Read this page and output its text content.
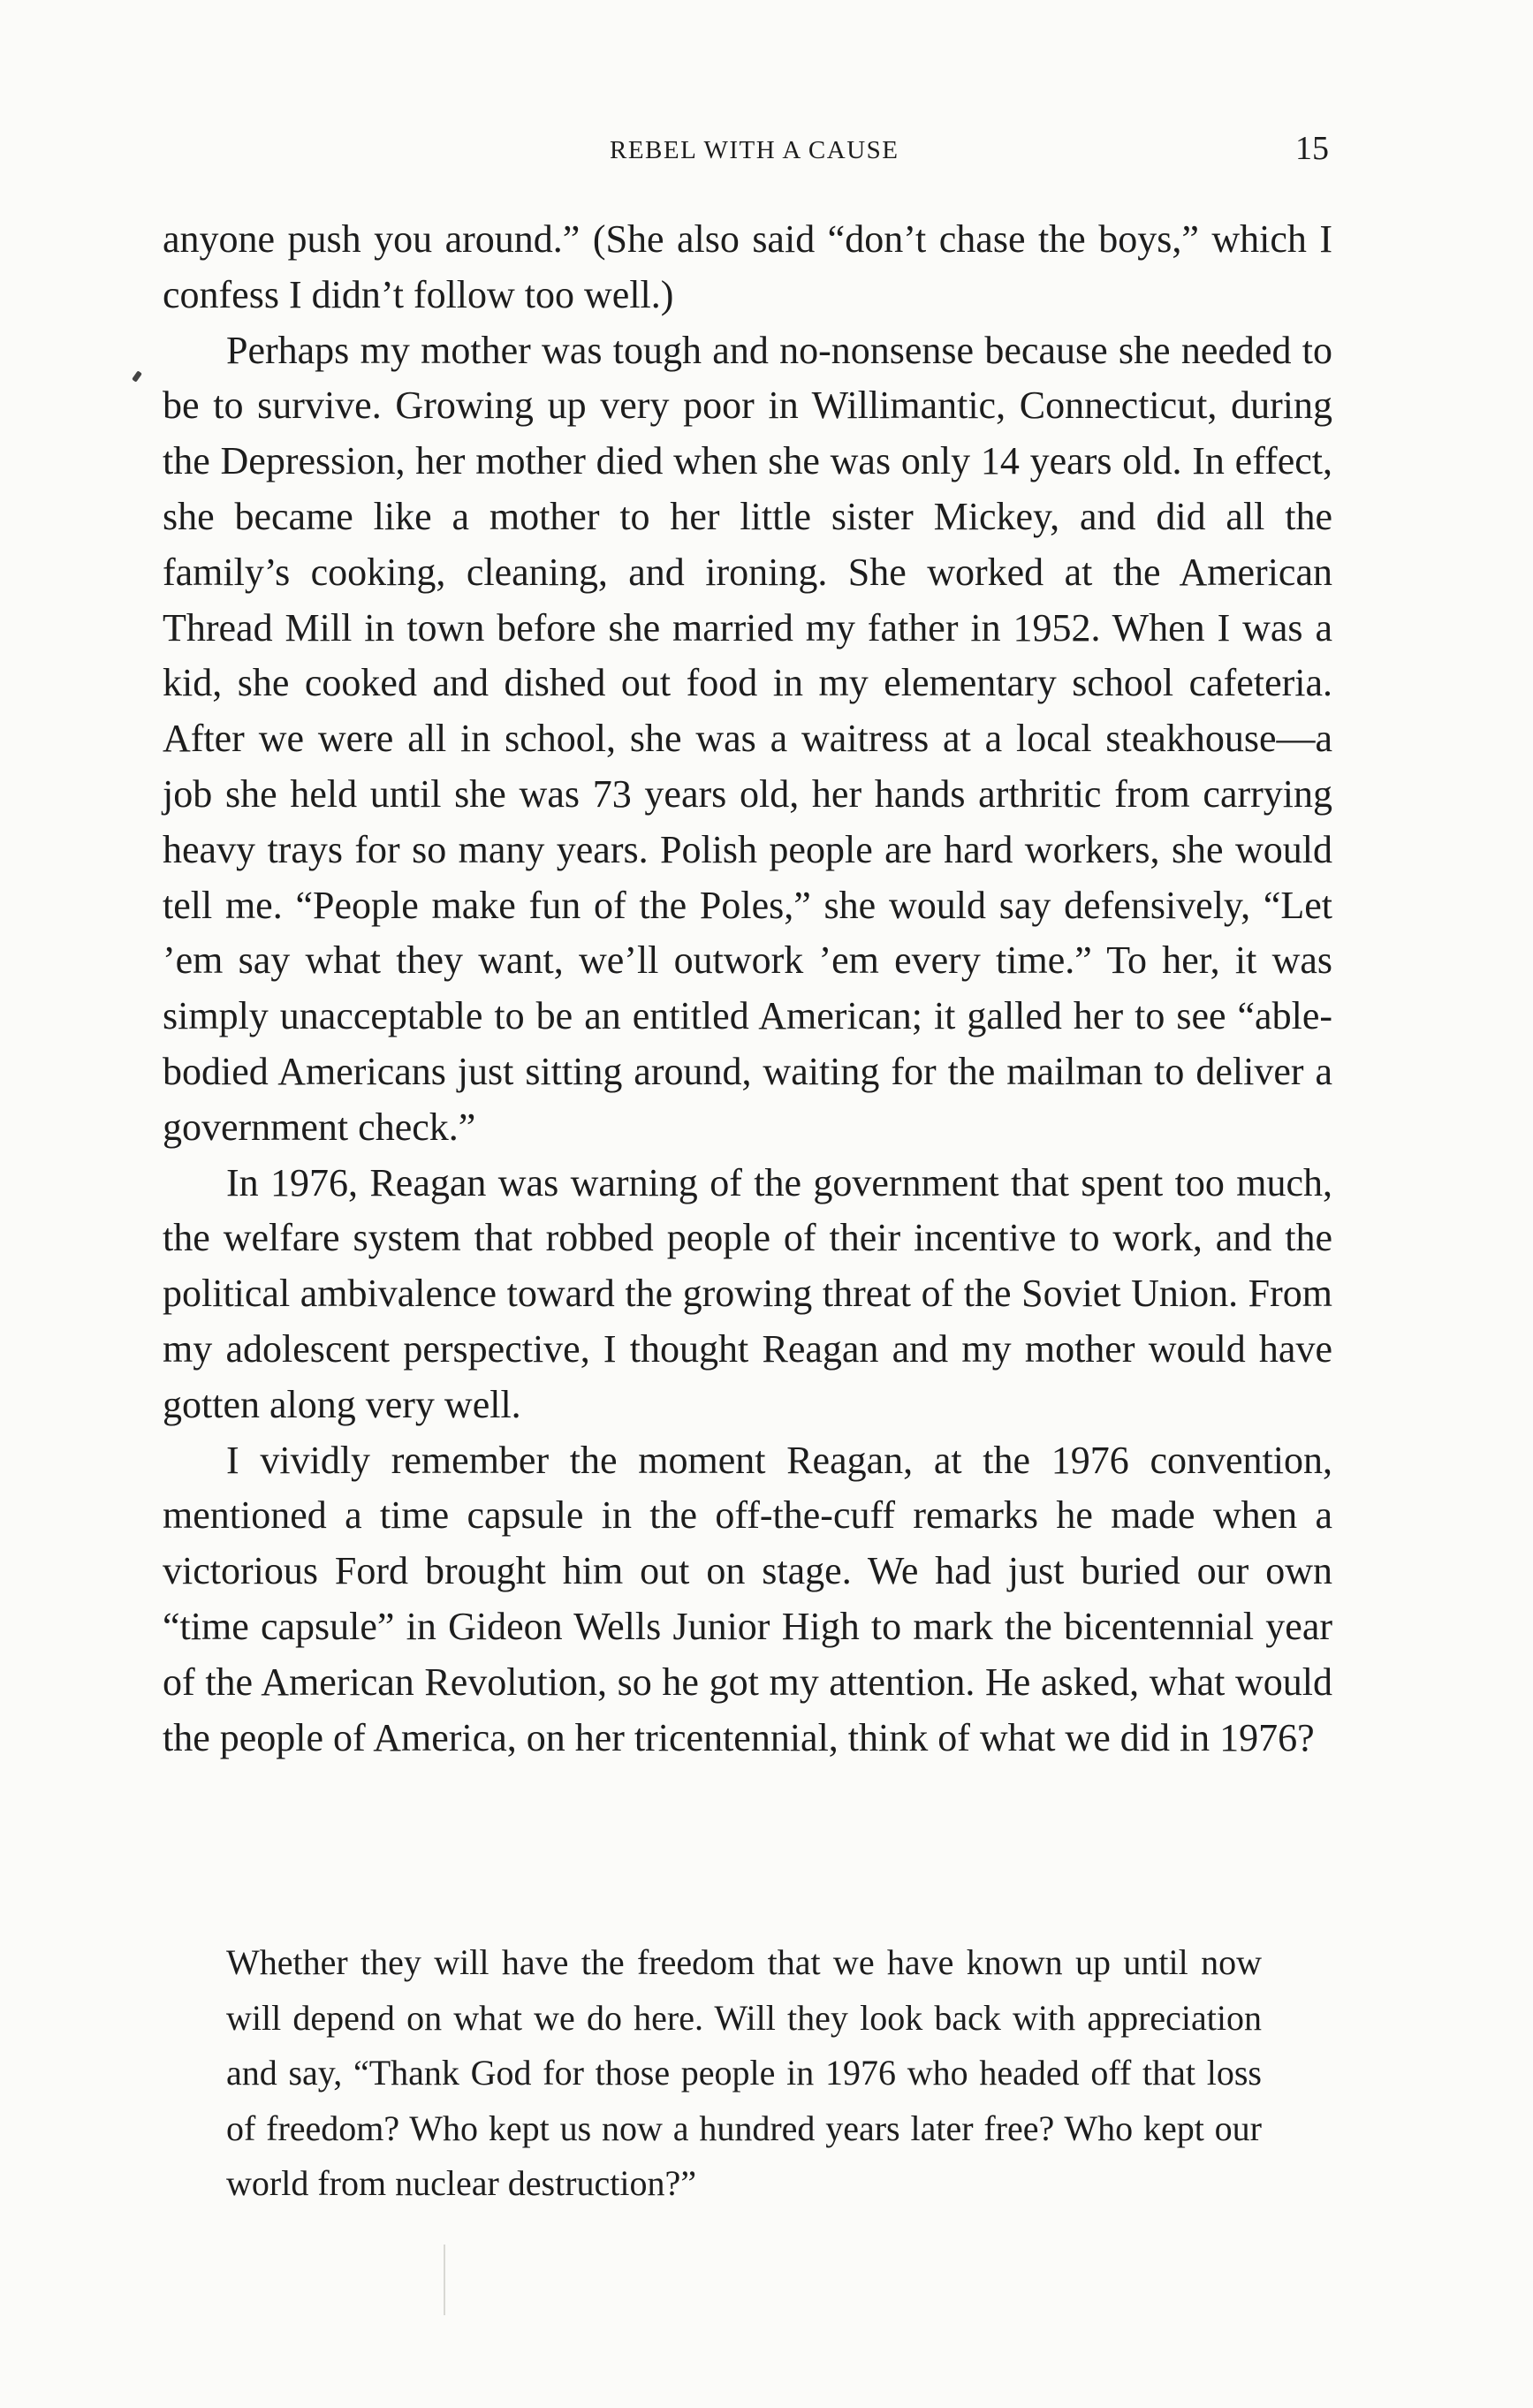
REBEL WITH A CAUSE	15

anyone push you around.” (She also said “don’t chase the boys,” which I confess I didn’t follow too well.)

Perhaps my mother was tough and no-nonsense because she needed to be to survive. Growing up very poor in Willimantic, Connecticut, during the Depression, her mother died when she was only 14 years old. In effect, she became like a mother to her little sister Mickey, and did all the family’s cooking, cleaning, and ironing. She worked at the American Thread Mill in town before she married my father in 1952. When I was a kid, she cooked and dished out food in my elementary school cafeteria. After we were all in school, she was a waitress at a local steakhouse—a job she held until she was 73 years old, her hands arthritic from carrying heavy trays for so many years. Polish people are hard workers, she would tell me. “People make fun of the Poles,” she would say defensively, “Let ’em say what they want, we’ll outwork ’em every time.” To her, it was simply unacceptable to be an entitled American; it galled her to see “able-bodied Americans just sitting around, waiting for the mailman to deliver a government check.”

In 1976, Reagan was warning of the government that spent too much, the welfare system that robbed people of their incentive to work, and the political ambivalence toward the growing threat of the Soviet Union. From my adolescent perspective, I thought Reagan and my mother would have gotten along very well.

I vividly remember the moment Reagan, at the 1976 convention, mentioned a time capsule in the off-the-cuff remarks he made when a victorious Ford brought him out on stage. We had just buried our own “time capsule” in Gideon Wells Junior High to mark the bicentennial year of the American Revolution, so he got my attention. He asked, what would the people of America, on her tricentennial, think of what we did in 1976?

Whether they will have the freedom that we have known up until now will depend on what we do here. Will they look back with appreciation and say, “Thank God for those people in 1976 who headed off that loss of freedom? Who kept us now a hundred years later free? Who kept our world from nuclear destruction?”
